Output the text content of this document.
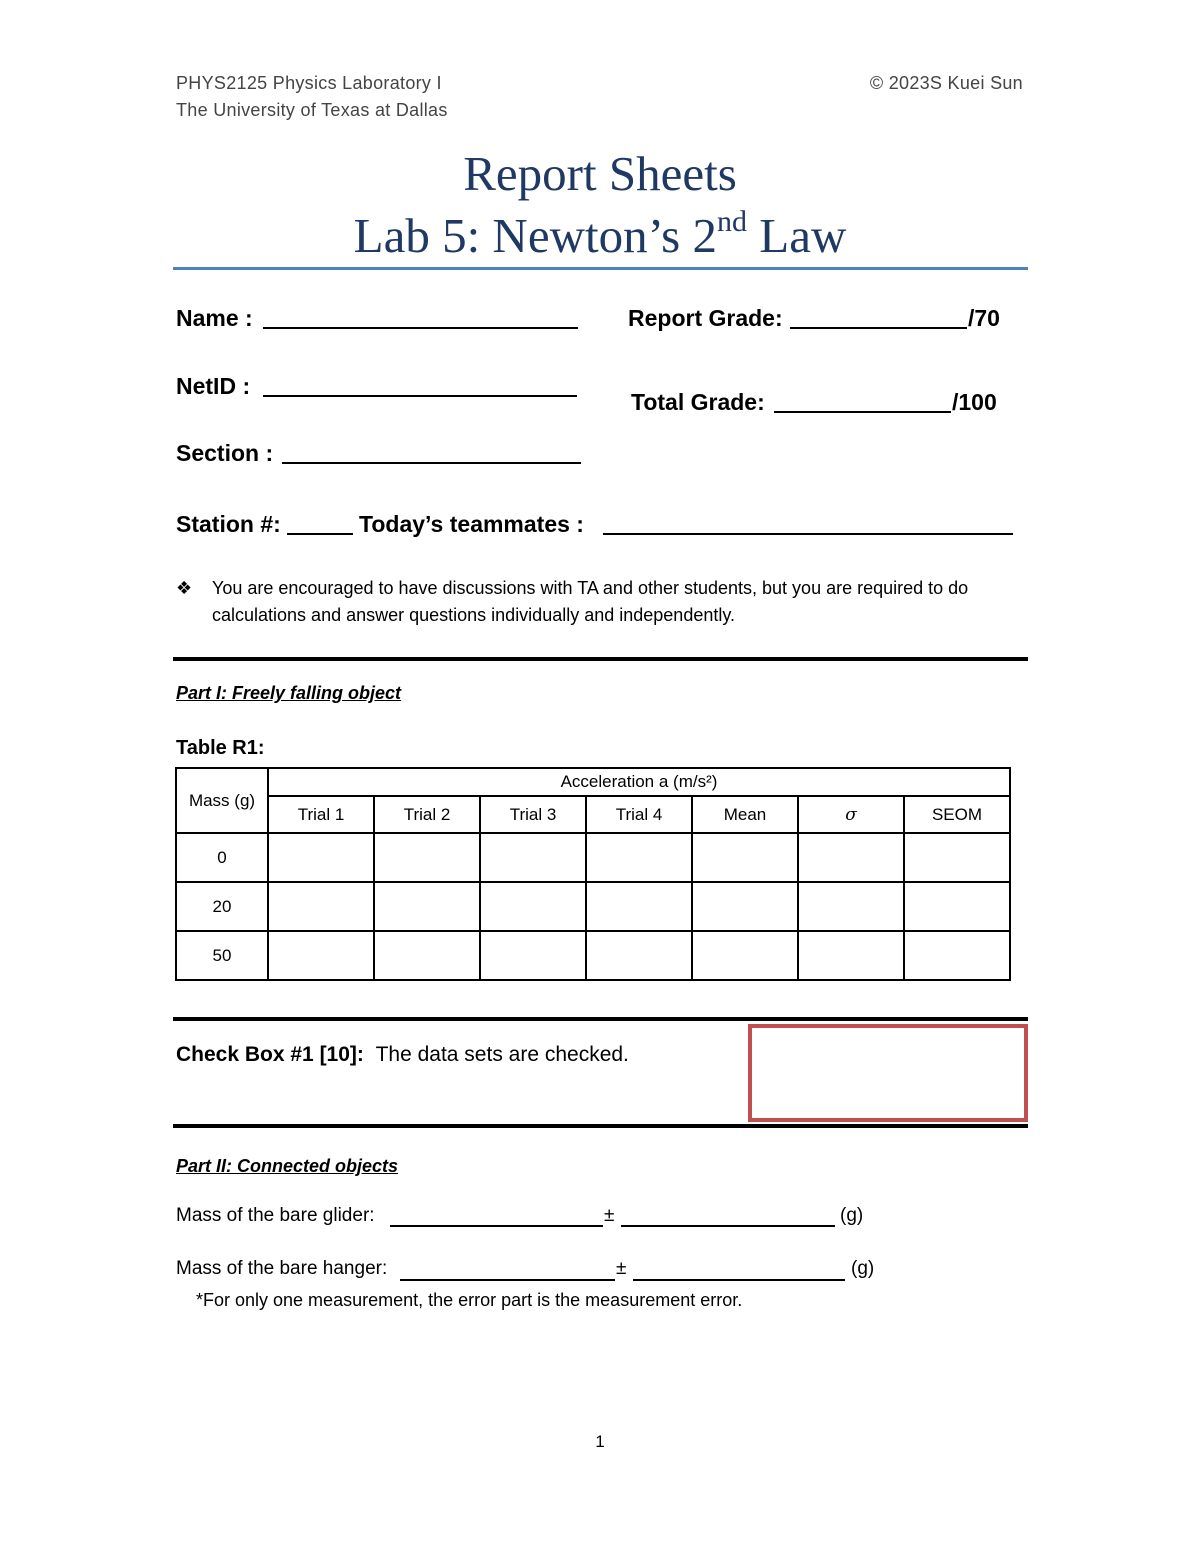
PHYS2125 Physics Laboratory I
The University of Texas at Dallas
© 2023S Kuei Sun
Report Sheets
Lab 5: Newton’s 2nd Law
Name :
NetID :
Section :
Report Grade:	/70
Total Grade:	/100
Station #:	Today’s teammates :
❖ You are encouraged to have discussions with TA and other students, but you are required to do calculations and answer questions individually and independently.
Part I: Freely falling object
Table R1:
Mass (g)	Acceleration a (m/s²)						
	Trial 1	Trial 2	Trial 3	Trial 4	Mean	σ	SEOM
0							
20							
50							
Check Box #1 [10]: The data sets are checked.
Part II: Connected objects
Mass of the bare glider:	±	(g)
Mass of the bare hanger:	±	(g)
*For only one measurement, the error part is the measurement error.
1
